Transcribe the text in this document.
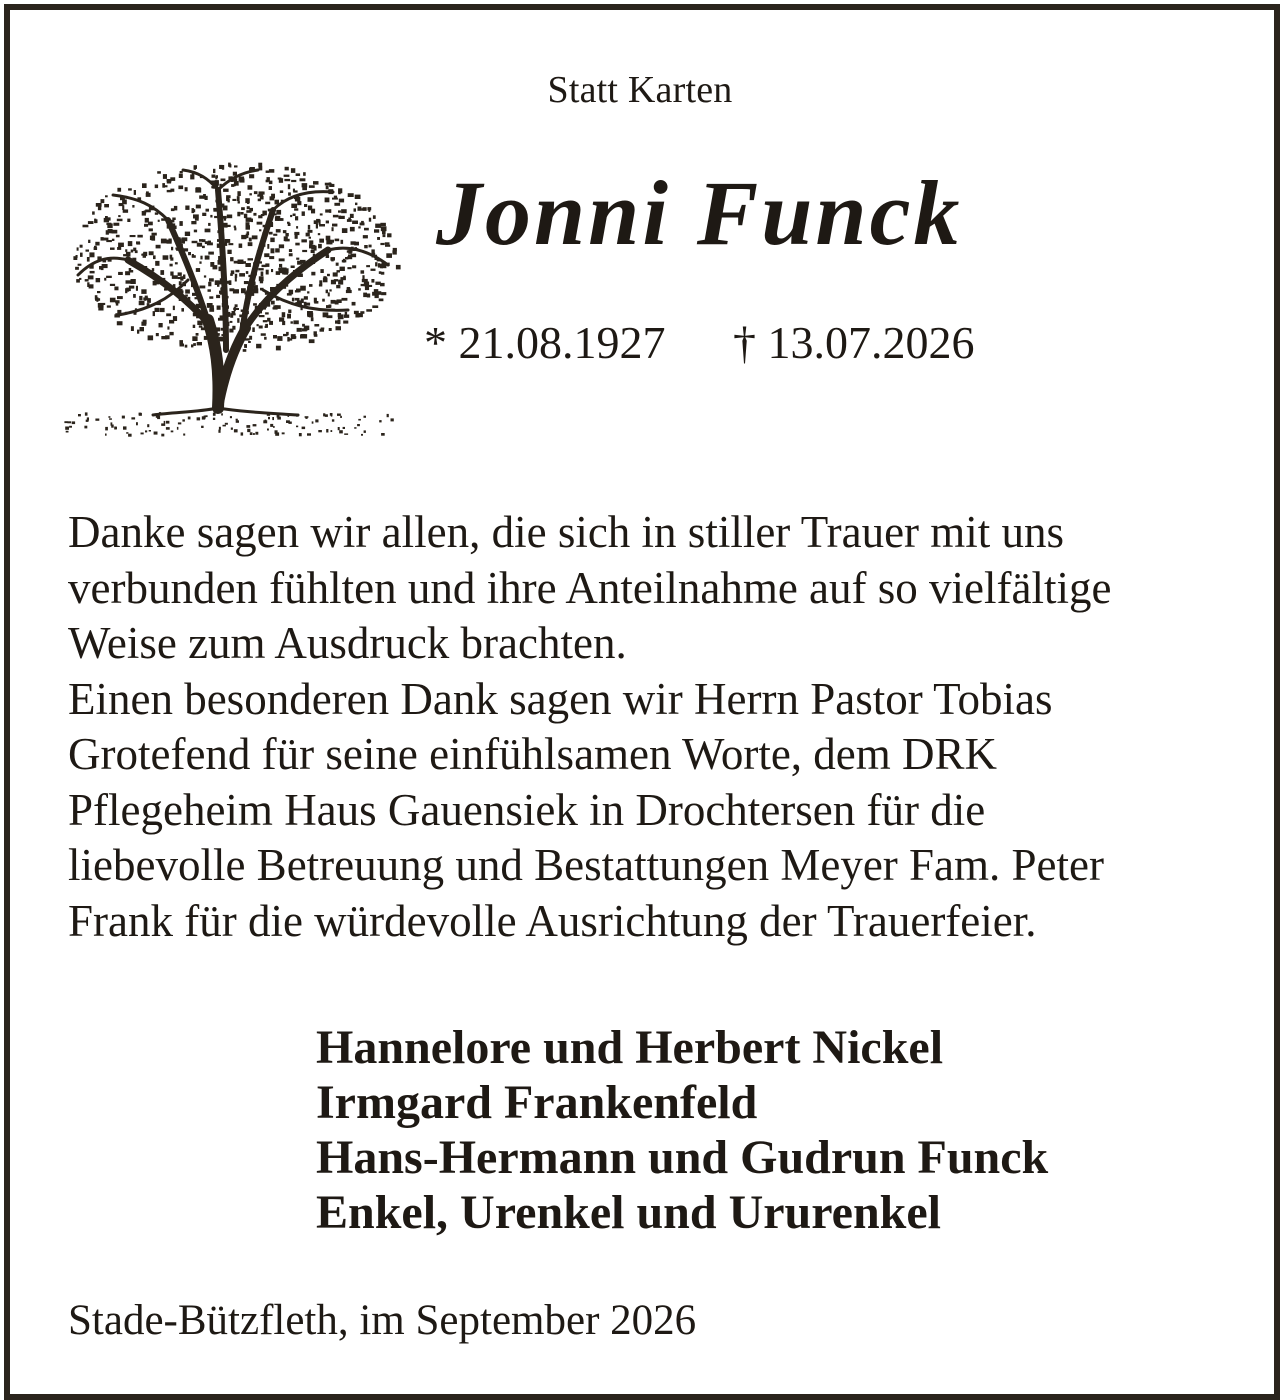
Statt Karten
Jonni Funck
* 21.08.1927 † 13.07.2026

Danke sagen wir allen, die sich in stiller Trauer mit uns

verbunden fühlten und ihre Anteilnahme auf so vielfältige

Weise zum Ausdruck brachten.

Einen besonderen Dank sagen wir Herrn Pastor Tobias

Grotefend für seine einfühlsamen Worte, dem DRK

Pflegeheim Haus Gauensiek in Drochtersen für die

liebevolle Betreuung und Bestattungen Meyer Fam. Peter

Frank für die würdevolle Ausrichtung der Trauerfeier.

Hannelore und Herbert Nickel
Irmgard Frankenfeld
Hans-Hermann und Gudrun Funck
Enkel, Urenkel und Ururenkel
Stade-Bützfleth, im September 2026
